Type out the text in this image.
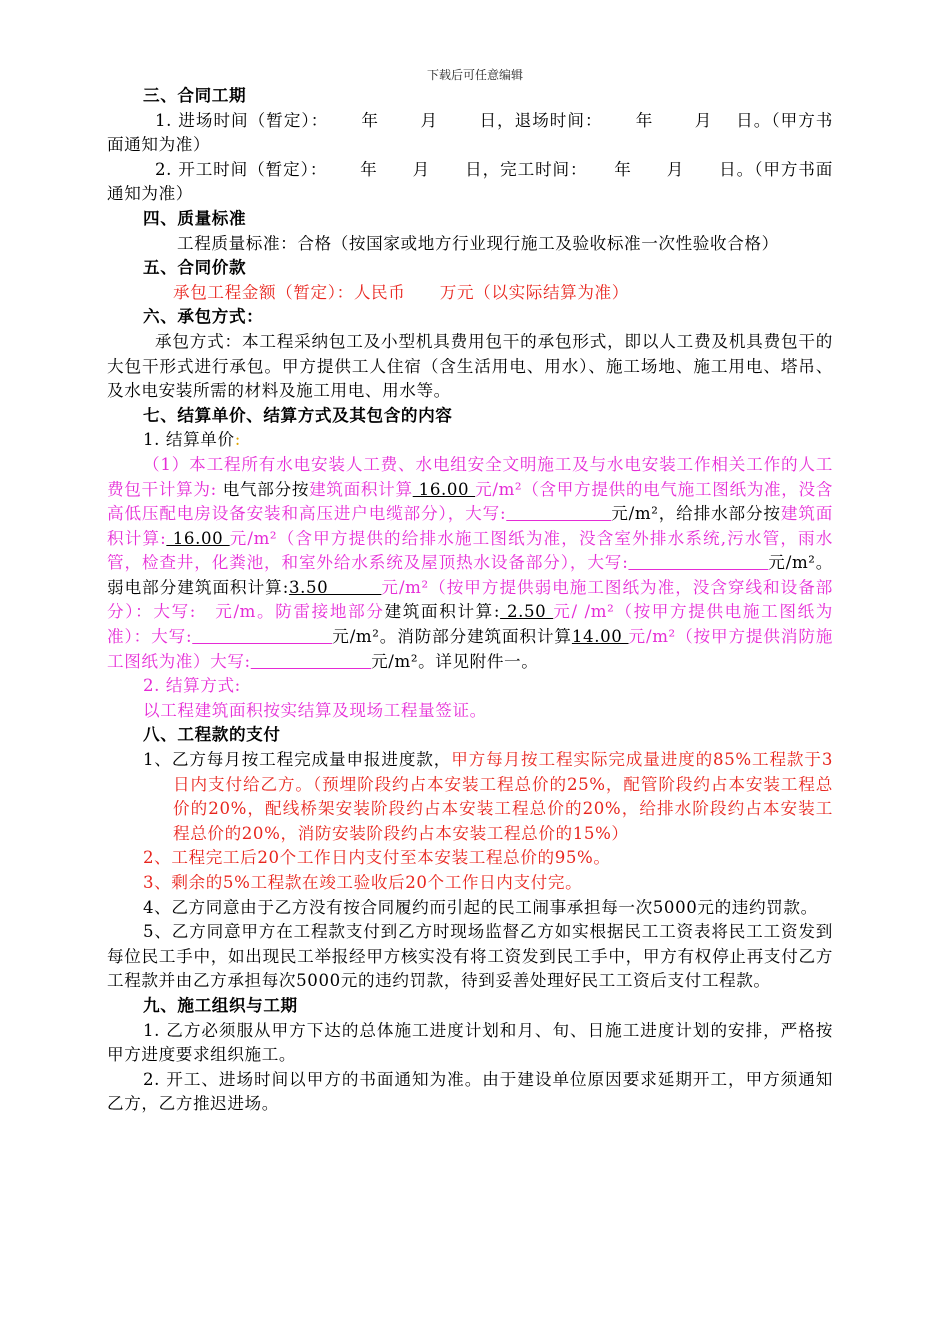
下载后可任意编辑

三、合同工期

1. 进场时间（暂定）：　　 年　　 月　　 日，退场时间：　　 年　　 月　 日。（甲方书面通知为准）

2. 开工时间（暂定）：　　 年　　月　　日，完工时间：　　年　　月　　日。（甲方书面通知为准）

四、质量标准

工程质量标准：合格（按国家或地方行业现行施工及验收标准一次性验收合格）

五、合同价款

承包工程金额（暂定）：人民币　　万元（以实际结算为准）

六、承包方式：

承包方式：本工程采纳包工及小型机具费用包干的承包形式，即以人工费及机具费包干的大包干形式进行承包。甲方提供工人住宿（含生活用电、用水）、施工场地、施工用电、塔吊、及水电安装所需的材料及施工用电、用水等。

七、结算单价、结算方式及其包含的内容

1. 结算单价:

（1）本工程所有水电安装人工费、水电组安全文明施工及与水电安装工作相关工作的人工费包干计算为: 电气部分按建筑面积计算 16.00 元/m²（含甲方提供的电气施工图纸为准，没含高低压配电房设备安装和高压进户电缆部分），大写:　　　　　　	元/m²，给排水部分按建筑面积计算: 16.00 元/m²（含甲方提供的给排水施工图纸为准，没含室外排水系统,污水管，雨水管，检查井，化粪池，和室外给水系统及屋顶热水设备部分），大写:　　　　　　　　	元/m²。弱电部分建筑面积计算:3.50　　　元/m²（按甲方提供弱电施工图纸为准，没含穿线和设备部分）：大写:　元/m。防雷接地部分建筑面积计算: 2.50 元/ /m²（按甲方提供电施工图纸为准）：大写:　　　　　　　　	元/m²。消防部分建筑面积计算14.00 元/m²（按甲方提供消防施工图纸为准）大写:　　　　　　　	元/m²。详见附件一。

2. 结算方式:

以工程建筑面积按实结算及现场工程量签证。

八、工程款的支付

1、乙方每月按工程完成量申报进度款，甲方每月按工程实际完成量进度的85%工程款于3日内支付给乙方。（预埋阶段约占本安装工程总价的25%，配管阶段约占本安装工程总价的20%，配线桥架安装阶段约占本安装工程总价的20%，给排水阶段约占本安装工程总价的20%，消防安装阶段约占本安装工程总价的15%）

2、工程完工后20个工作日内支付至本安装工程总价的95%。

3、剩余的5%工程款在竣工验收后20个工作日内支付完。

4、乙方同意由于乙方没有按合同履约而引起的民工闹事承担每一次5000元的违约罚款。

5、乙方同意甲方在工程款支付到乙方时现场监督乙方如实根据民工工资表将民工工资发到每位民工手中，如出现民工举报经甲方核实没有将工资发到民工手中，甲方有权停止再支付乙方工程款并由乙方承担每次5000元的违约罚款，待到妥善处理好民工工资后支付工程款。

九、施工组织与工期

1. 乙方必须服从甲方下达的总体施工进度计划和月、旬、日施工进度计划的安排，严格按甲方进度要求组织施工。

2. 开工、进场时间以甲方的书面通知为准。由于建设单位原因要求延期开工，甲方须通知乙方，乙方推迟进场。
